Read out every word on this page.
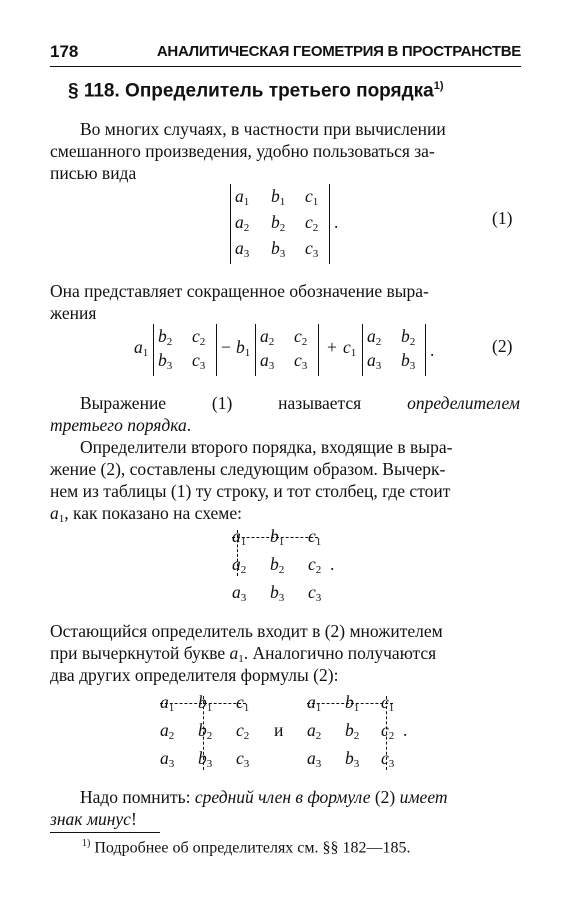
178	АНАЛИТИЧЕСКАЯ ГЕОМЕТРИЯ В ПРОСТРАНСТВЕ
§ 118. Определитель третьего порядка$^{1)}$
Во многих случаях, в частности при вычислении
смешанного произведения, удобно пользоваться за-
писью вида
$a_1$ $b_1$ $c_1$
$a_2$ $b_2$ $c_2$
$a_3$ $b_3$ $c_3$
.	(1)
Она представляет сокращенное обозначение выра-
жения
$a_1$
$b_2$ $c_2$
$b_3$ $c_3$
− $b_1$
$a_2$ $c_2$
$a_3$ $c_3$
+ $c_1$
$a_2$ $b_2$
$a_3$ $b_3$
.	(2)
Выражение	(1)	называется	определителем
третьего порядка.
Определители второго порядка, входящие в выра-
жение (2), составлены следующим образом. Вычерк-
нем из таблицы (1) ту строку, и тот столбец, где стоит
$a_1$, как показано на схеме:
$a_1$ $b_1$ $c_1$
$a_2$ $b_2$ $c_2$ .
$a_3$ $b_3$ $c_3$
Остающийся определитель входит в (2) множителем
при вычеркнутой букве $a_1$. Аналогично получаются
два других определителя формулы (2):
$a_1$ $b_1$ $c_1$
$a_2$ $b_2$ $c_2$
$a_3$ $b_3$ $c_3$
и
$a_1$ $b_1$ $c_1$
$a_2$ $b_2$ $c_2$ .
$a_3$ $b_3$ $c_3$
Надо помнить: средний член в формуле (2) имеет
знак минус!
$^{1)}$ Подробнее об определителях см. §§ 182—185.
